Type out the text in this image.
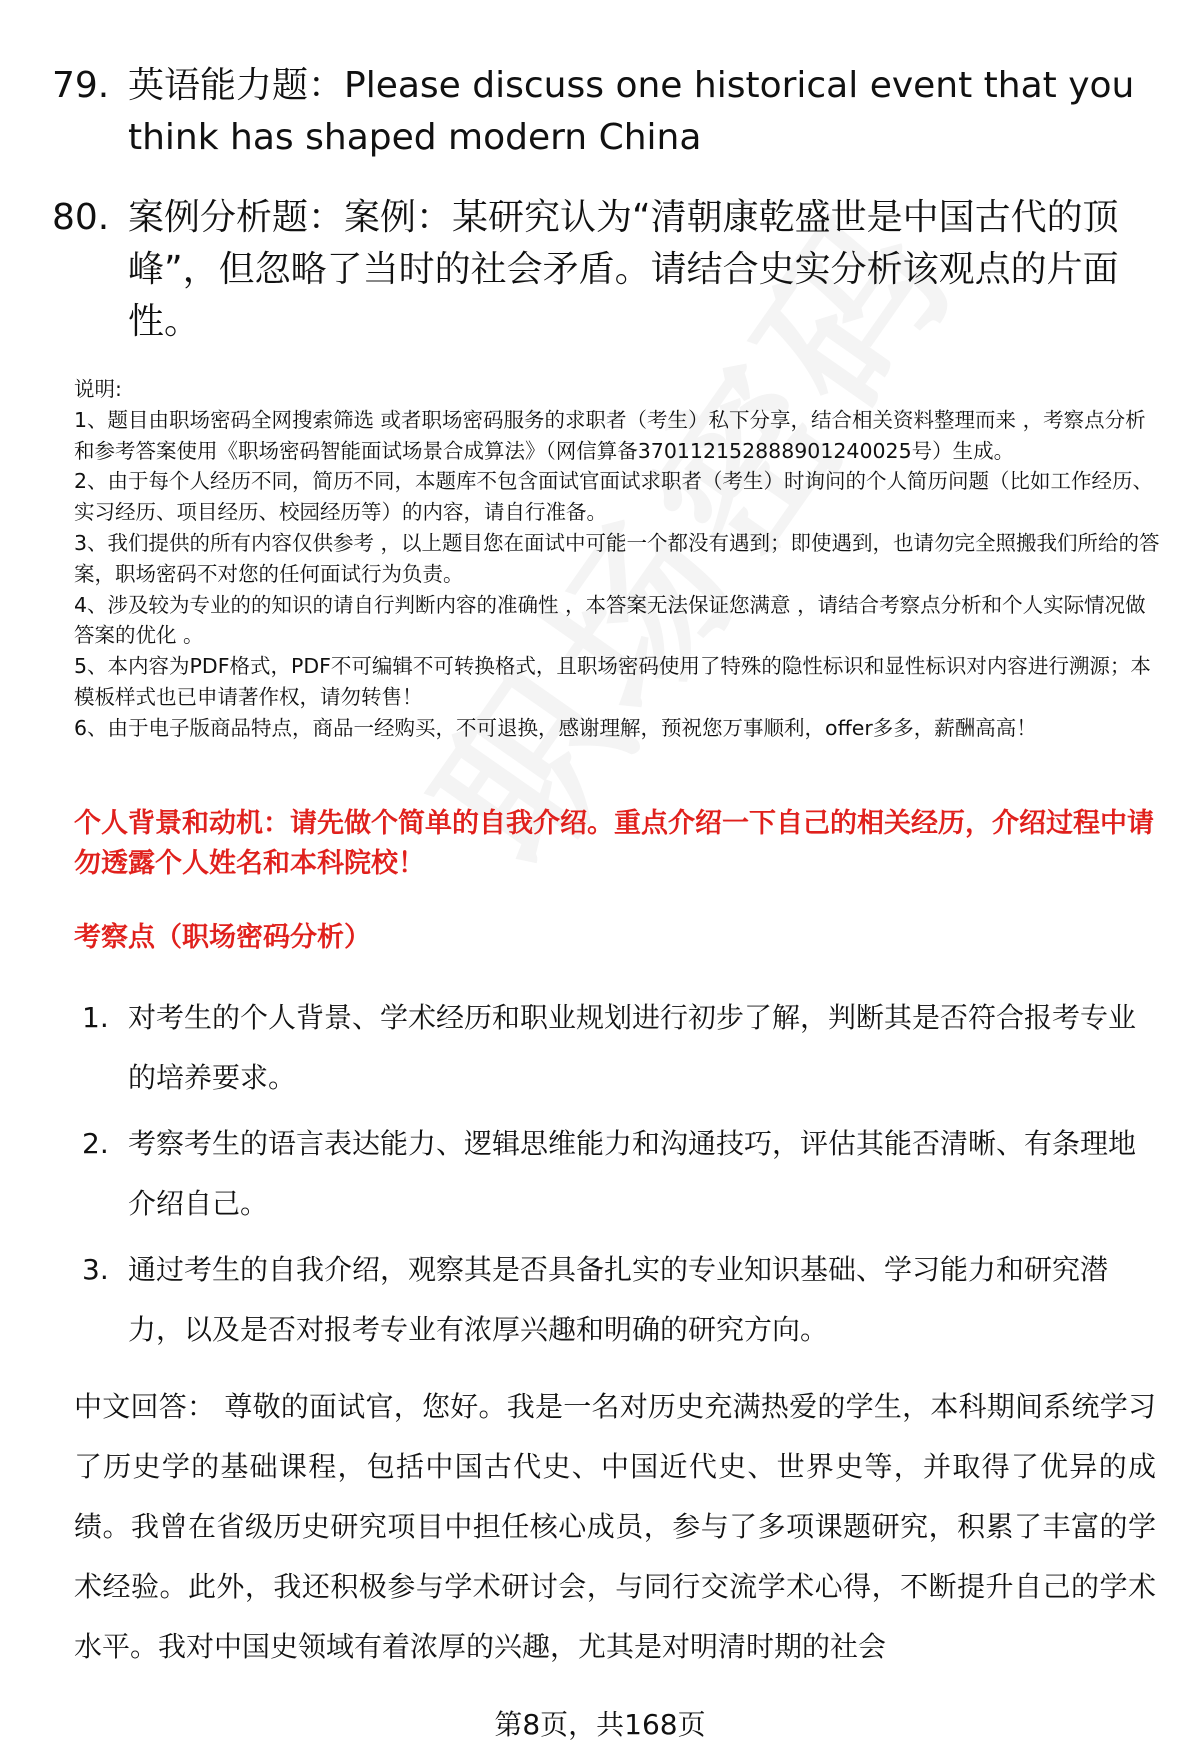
79. 英语能力题：Please discuss one historical event that you think has shaped modern China
80. 案例分析题：案例：某研究认为“清朝康乾盛世是中国古代的顶峰”，但忽略了当时的社会矛盾。请结合史实分析该观点的片面性。

说明:

1、题目由职场密码全网搜索筛选 或者职场密码服务的求职者（考生）私下分享，结合相关资料整理而来 ，考察点分析和参考答案使用《职场密码智能面试场景合成算法》（网信算备370112152888901240025号）生成。

2、由于每个人经历不同，简历不同，本题库不包含面试官面试求职者（考生）时询问的个人简历问题（比如工作经历、实习经历、项目经历、校园经历等）的内容，请自行准备。

3、我们提供的所有内容仅供参考 ，以上题目您在面试中可能一个都没有遇到；即使遇到，也请勿完全照搬我们所给的答案，职场密码不对您的任何面试行为负责。

4、涉及较为专业的的知识的请自行判断内容的准确性 ，本答案无法保证您满意 ，请结合考察点分析和个人实际情况做答案的优化 。

5、本内容为PDF格式，PDF不可编辑不可转换格式，且职场密码使用了特殊的隐性标识和显性标识对内容进行溯源；本模板样式也已申请著作权，请勿转售！

6、由于电子版商品特点，商品一经购买，不可退换，感谢理解，预祝您万事顺利，offer多多，薪酬高高！

个人背景和动机：请先做个简单的自我介绍。重点介绍一下自己的相关经历，介绍过程中请勿透露个人姓名和本科院校！
考察点（职场密码分析）
1. 对考生的个人背景、学术经历和职业规划进行初步了解，判断其是否符合报考专业的培养要求。
2. 考察考生的语言表达能力、逻辑思维能力和沟通技巧，评估其能否清晰、有条理地介绍自己。
3. 通过考生的自我介绍，观察其是否具备扎实的专业知识基础、学习能力和研究潜力，以及是否对报考专业有浓厚兴趣和明确的研究方向。
中文回答： 尊敬的面试官，您好。我是一名对历史充满热爱的学生，本科期间系统学习了历史学的基础课程，包括中国古代史、中国近代史、世界史等，并取得了优异的成绩。我曾在省级历史研究项目中担任核心成员，参与了多项课题研究，积累了丰富的学术经验。此外，我还积极参与学术研讨会，与同行交流学术心得，不断提升自己的学术水平。我对中国史领域有着浓厚的兴趣，尤其是对明清时期的社会
第8页，共168页
